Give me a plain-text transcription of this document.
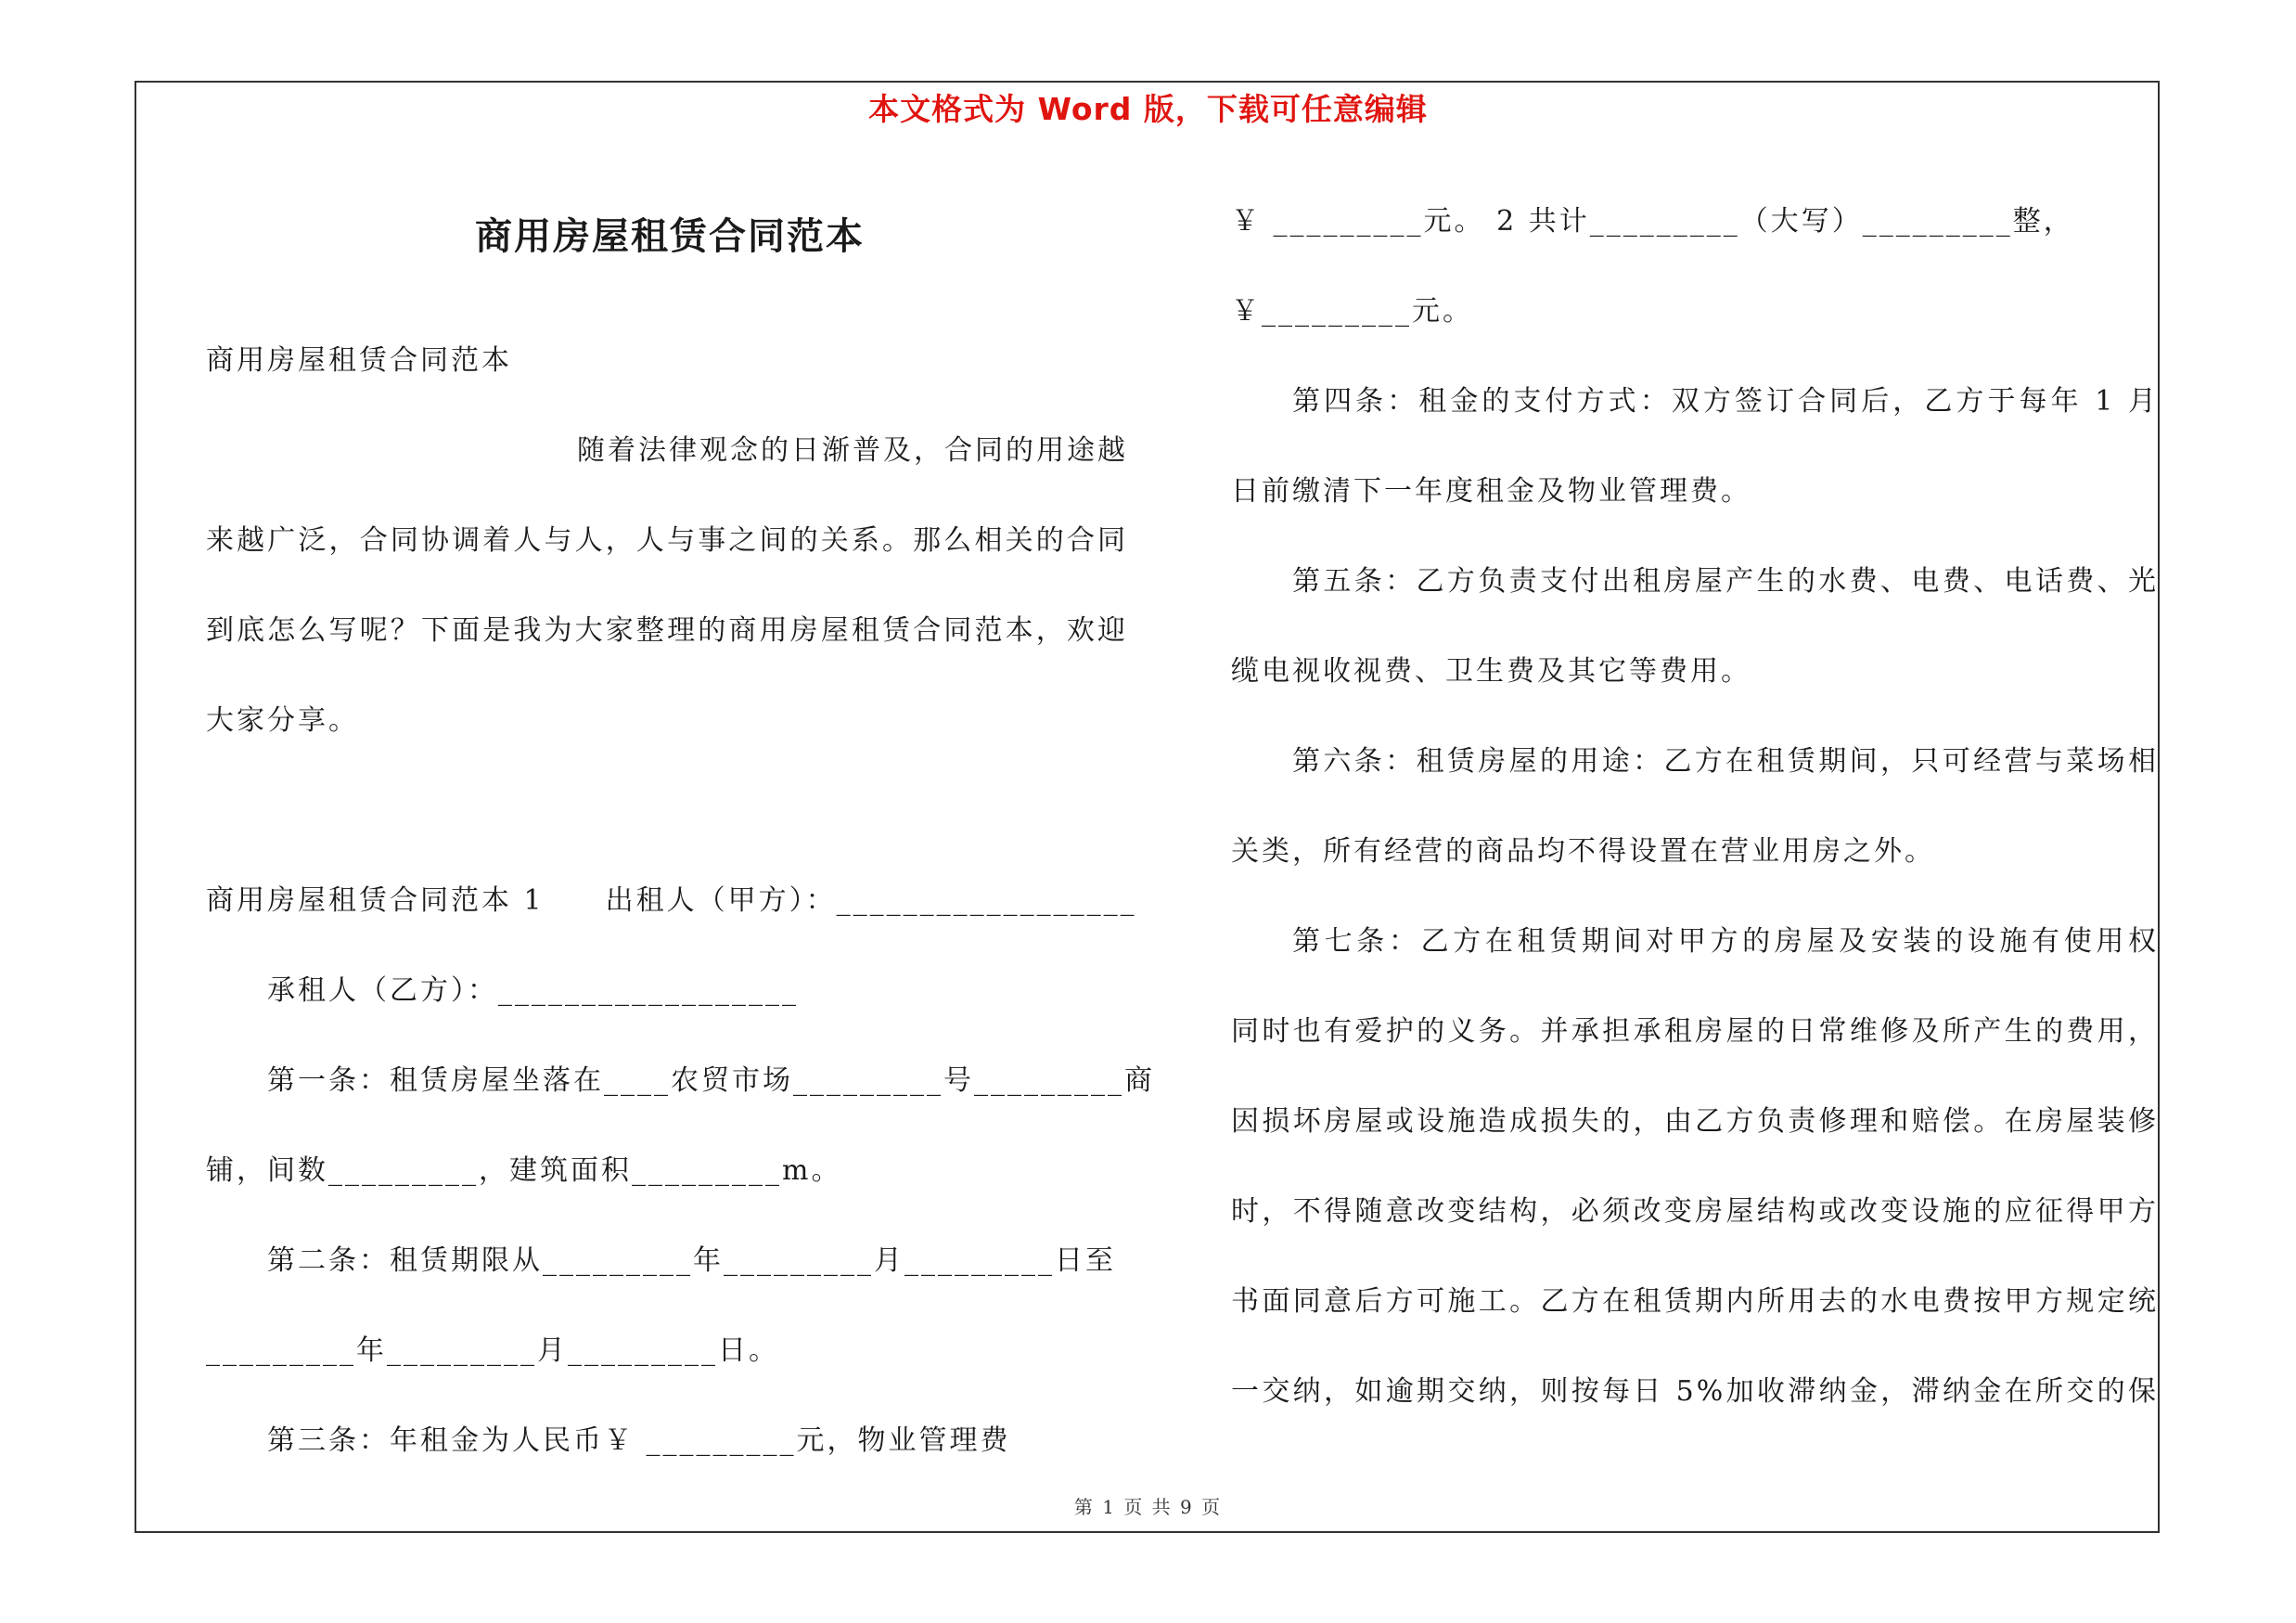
本文格式为 Word 版，下载可任意编辑
商用房屋租赁合同范本
商用房屋租赁合同范本
随着法律观念的日渐普及，合同的用途越
来越广泛，合同协调着人与人，人与事之间的关系。那么相关的合同
到底怎么写呢？下面是我为大家整理的商用房屋租赁合同范本，欢迎
大家分享。
商用房屋租赁合同范本 1　　出租人（甲方）：__________________
承租人（乙方）：__________________
第一条：租赁房屋坐落在____农贸市场_________号_________商
铺，间数_________，建筑面积_________m。
第二条：租赁期限从_________年_________月_________日至
_________年_________月_________日。
第三条：年租金为人民币￥ _________元，物业管理费
￥ _________元。 2 共计_________（大写）_________整，
￥_________元。
第四条：租金的支付方式：双方签订合同后，乙方于每年 1 月
日前缴清下一年度租金及物业管理费。
第五条：乙方负责支付出租房屋产生的水费、电费、电话费、光
缆电视收视费、卫生费及其它等费用。
第六条：租赁房屋的用途：乙方在租赁期间，只可经营与菜场相
关类，所有经营的商品均不得设置在营业用房之外。
第七条：乙方在租赁期间对甲方的房屋及安装的设施有使用权
同时也有爱护的义务。并承担承租房屋的日常维修及所产生的费用，
因损坏房屋或设施造成损失的，由乙方负责修理和赔偿。在房屋装修
时，不得随意改变结构，必须改变房屋结构或改变设施的应征得甲方
书面同意后方可施工。乙方在租赁期内所用去的水电费按甲方规定统
一交纳，如逾期交纳，则按每日 5%加收滞纳金，滞纳金在所交的保
第 1 页 共 9 页
